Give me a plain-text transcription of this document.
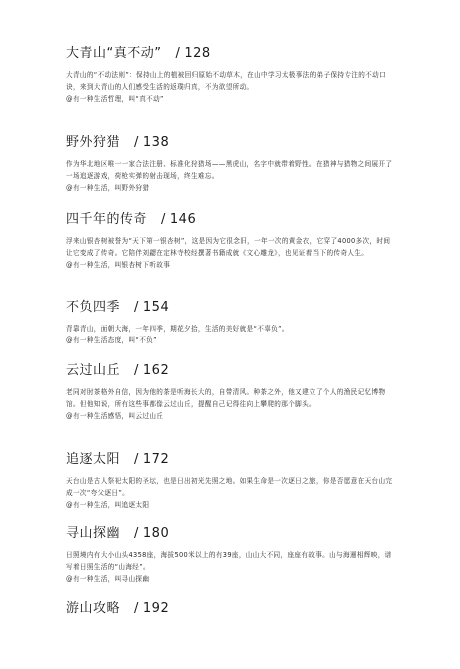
大青山“真不动” / 128
大青山的“不动法则”：保持山上的植被回归原始不动草木，在山中学习太极事法的弟子保持专注的不动口诀，来到大青山的人们感受生活的返璞归真，不为欲望所动。
@有一种生活哲理，叫“真不动”
野外狩猎 / 138
作为华北地区唯一一家合法注册、标准化狩猎场——黑虎山，名字中就带着野性。在猎神与猎物之间展开了一场追逐游戏，荷枪实弹的射击现场，终生难忘。
@有一种生活，叫野外狩猎
四千年的传奇 / 146
浮来山银杏树被誉为“天下第一银杏树”，这是因为它很念旧，一年一次的黄金衣，它穿了4000多次，时间让它变成了传奇。它陪伴刘勰在定林寺校经撰著书籍成就《文心雕龙》，也见证着当下的传奇人生。
@有一种生活，叫银杏树下听故事
不负四季 / 154
背靠青山，面朝大海，一年四季，期花夕拾，生活的美好就是“不辜负”。
@有一种生活态度，叫“不负”
云过山丘 / 162
老同对肘茶格外自信，因为他的茶是听海长大的，自带清风。种茶之外，他又建立了个人的渔民记忆博物馆。但他知说，所有这些事都像云过山丘，提醒自己记得往向上攀爬的那个脚头。
@有一种生活感悟，叫云过山丘
追逐太阳 / 172
天台山是古人祭祀太阳的圣坛，也是日出初光先照之地。如果生命是一次逐日之旅，你是否愿意在天台山完成一次“夸父逐日”。
@有一种生活，叫追逐太阳
寻山探幽 / 180
日照境内有大小山头4358座，海拔500米以上的有39座，山山大不同，座座有故事。山与海逦相辉映，谱写着日照生活的“山海经”。
@有一种生活，叫寻山探幽
游山攻略 / 192
